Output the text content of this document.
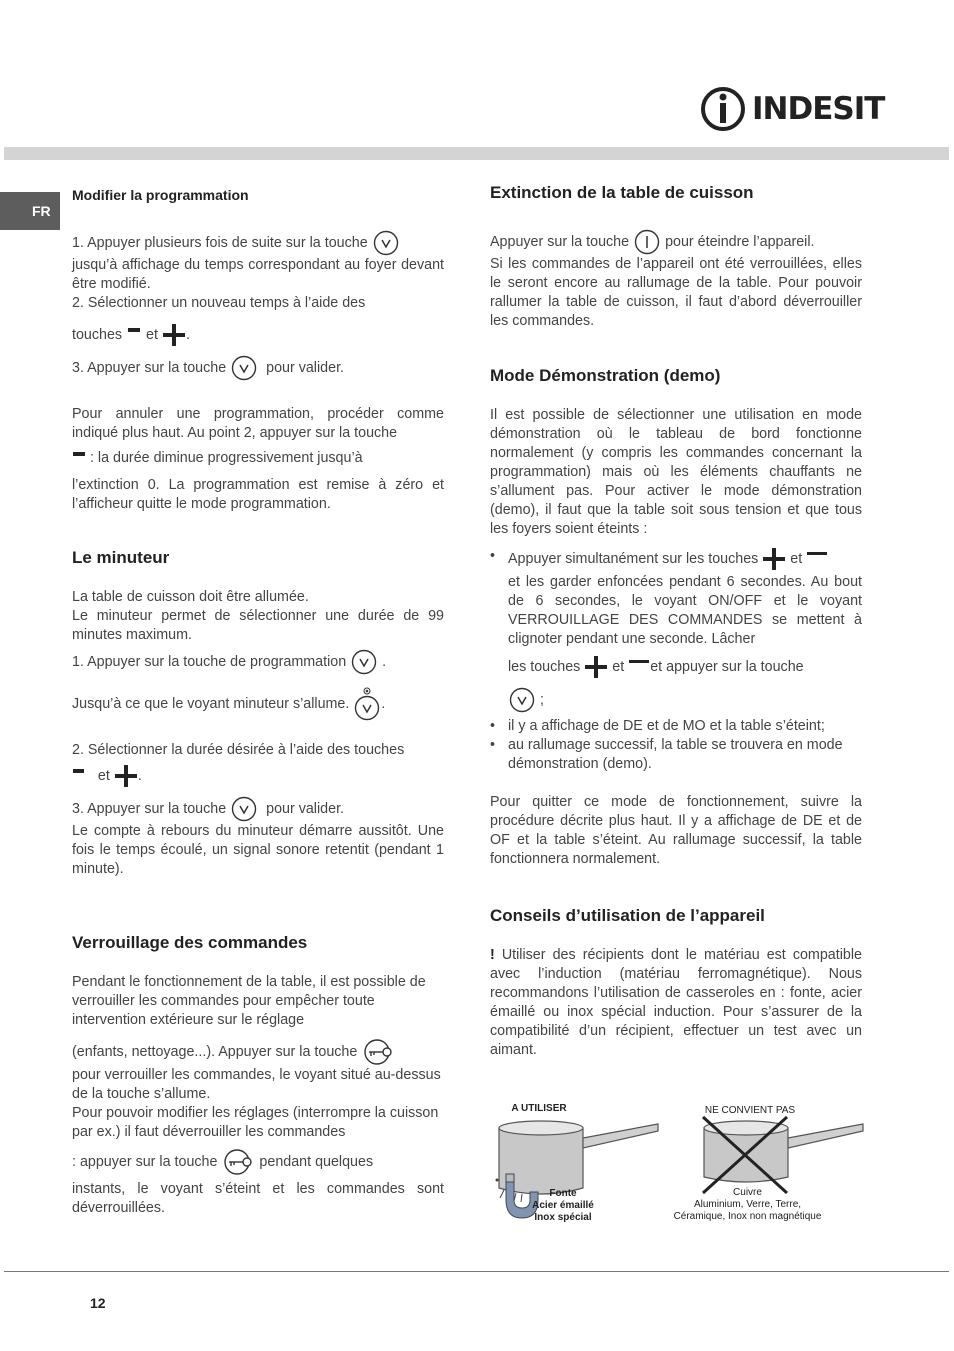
INDESIT
FR
Modifier la programmation

1. Appuyer plusieurs fois de suite sur la touche

jusqu’à affichage du temps correspondant au foyer devant être modifié.

2. Sélectionner un nouveau temps à l’aide des

touches et .

3. Appuyer sur la touche	pour valider.

Pour annuler une programmation, procéder comme indiqué plus haut. Au point 2, appuyer sur la touche

: la durée diminue progressivement jusqu’à

l’extinction 0. La programmation est remise à zéro et l’afficheur quitte le mode programmation.

Le minuteur

La table de cuisson doit être allumée.

Le minuteur permet de sélectionner une durée de 99 minutes maximum.

1. Appuyer sur la touche de programmation  .

Jusqu’à ce que le voyant minuteur s’allume. .

2. Sélectionner la durée désirée à l’aide des touches

et .

3. Appuyer sur la touche	pour valider.

Le compte à rebours du minuteur démarre aussitôt. Une fois le temps écoulé, un signal sonore retentit (pendant 1 minute).

Verrouillage des commandes

Pendant le fonctionnement de la table, il est possible de verrouiller les commandes pour empêcher toute intervention extérieure sur le réglage

(enfants, nettoyage...). Appuyer sur la touche

pour verrouiller les commandes, le voyant situé au-dessus de la touche s’allume.

Pour pouvoir modifier les réglages (interrompre la cuisson par ex.) il faut déverrouiller les commandes

: appuyer sur la touche	pendant quelques

instants, le voyant s’éteint et les commandes sont déverrouillées.

Extinction de la table de cuisson

Appuyer sur la touche	pour éteindre l’appareil.

Si les commandes de l’appareil ont été verrouillées, elles le seront encore au rallumage de la table. Pour pouvoir rallumer la table de cuisson, il faut d’abord déverrouiller les commandes.

Mode Démonstration (demo)

Il est possible de sélectionner une utilisation en mode démonstration où le tableau de bord fonctionne normalement (y compris les commandes concernant la programmation) mais où les éléments chauffants ne s’allument pas. Pour activer le mode démonstration (demo), il faut que la table soit sous tension et que tous les foyers soient éteints :

• Appuyer simultanément sur les touches et

et les garder enfoncées pendant 6 secondes. Au bout de 6 secondes, le voyant ON/OFF et le voyant VERROUILLAGE DES COMMANDES se mettent à clignoter pendant une seconde. Lâcher

les touches et et appuyer sur la touche

;

• il y a affichage de DE et de MO et la table s’éteint;
• au rallumage successif, la table se trouvera en mode démonstration (demo).

Pour quitter ce mode de fonctionnement, suivre la procédure décrite plus haut. Il y a affichage de DE et de OF et la table s’éteint. Au rallumage successif, la table fonctionnera normalement.

Conseils d’utilisation de l’appareil

! Utiliser des récipients dont le matériau est compatible avec l’induction (matériau ferromagnétique). Nous recommandons l’utilisation de casseroles en : fonte, acier émaillé ou inox spécial induction. Pour s’assurer de la compatibilité d’un récipient, effectuer un test avec un aimant.

A UTILISER
Fonte
Acier émaillé
Inox spécial
NE CONVIENT PAS
Cuivre
Aluminium, Verre, Terre,
Céramique, Inox non magnétique
12
